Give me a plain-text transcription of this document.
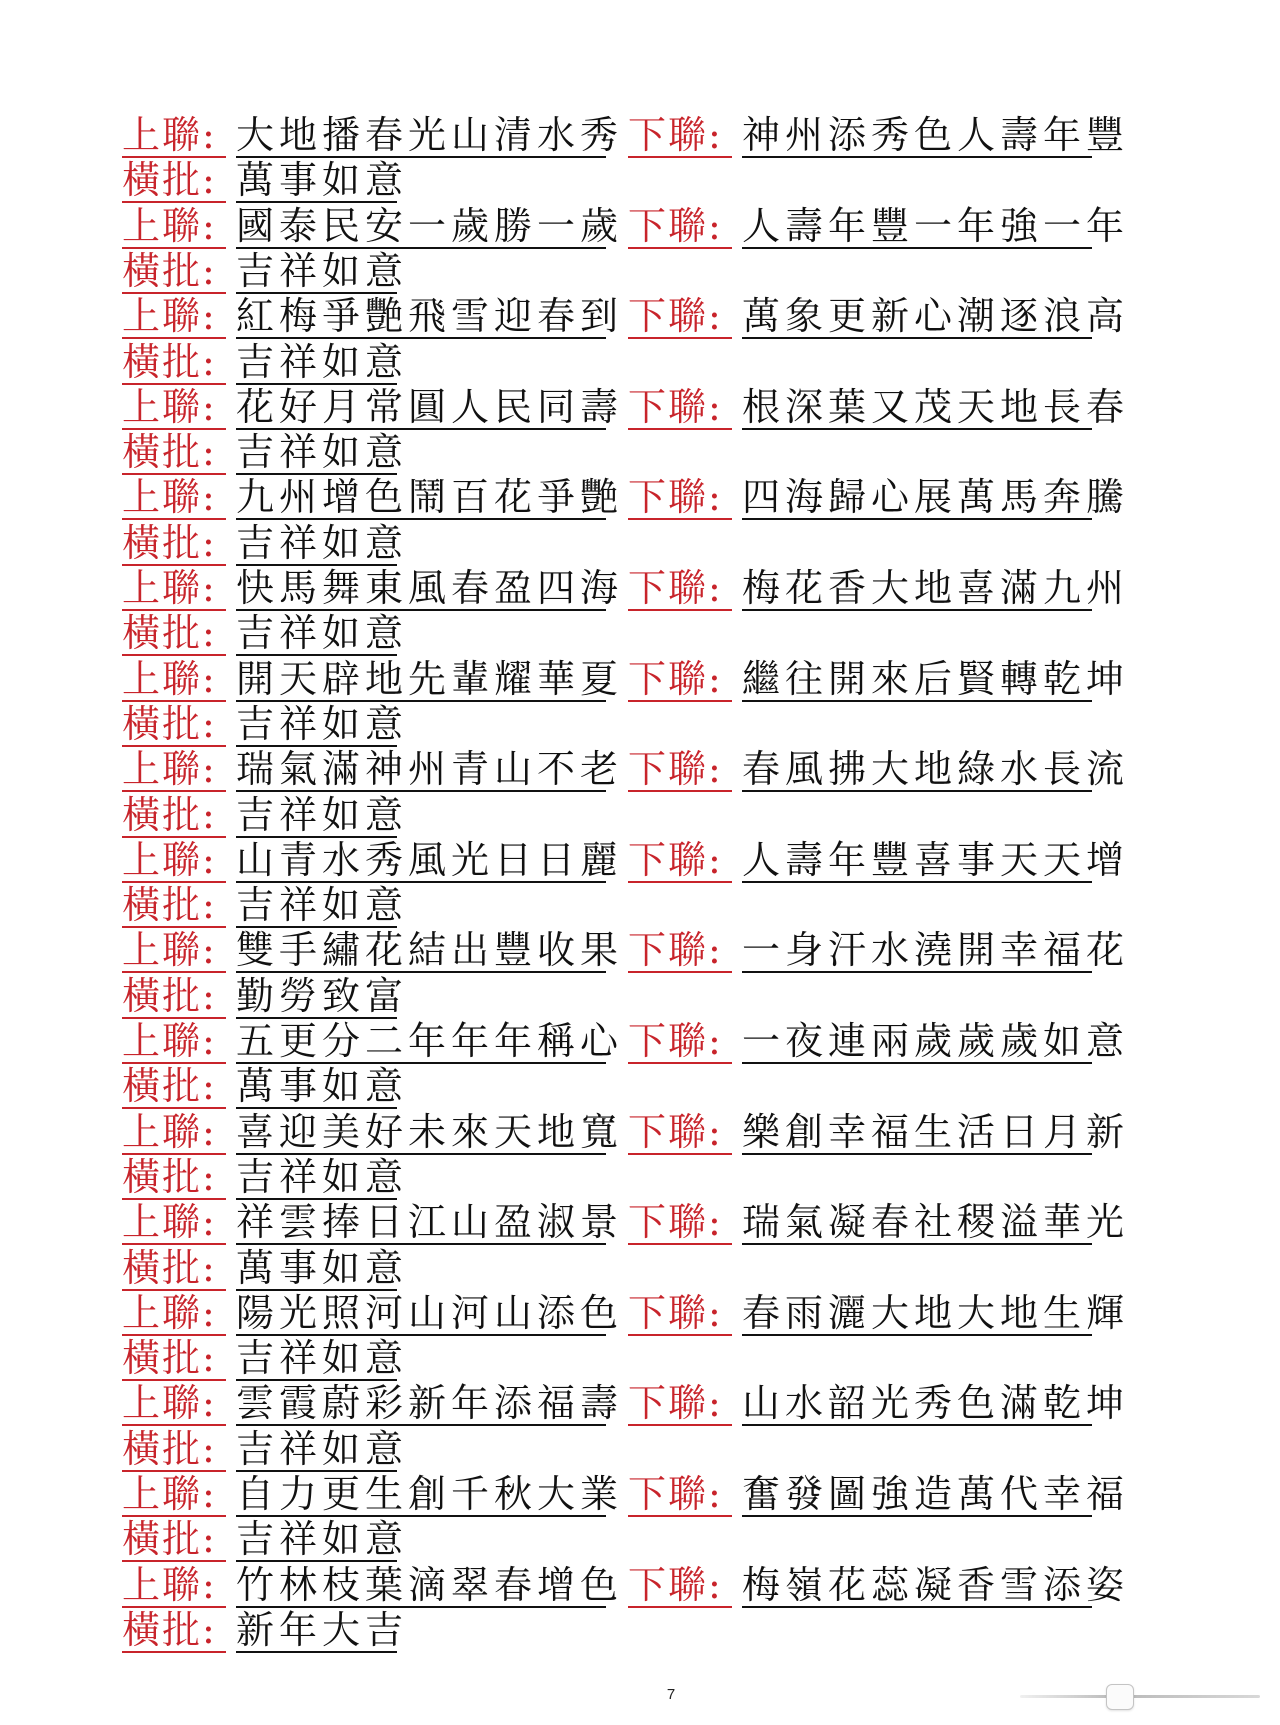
上聯: 大地播春光山清水秀 下聯: 神州添秀色人壽年豐
橫批: 萬事如意
上聯: 國泰民安一歲勝一歲 下聯: 人壽年豐一年強一年
橫批: 吉祥如意
上聯: 紅梅爭艷飛雪迎春到 下聯: 萬象更新心潮逐浪高
橫批: 吉祥如意
上聯: 花好月常圓人民同壽 下聯: 根深葉又茂天地長春
橫批: 吉祥如意
上聯: 九州增色鬧百花爭艷 下聯: 四海歸心展萬馬奔騰
橫批: 吉祥如意
上聯: 快馬舞東風春盈四海 下聯: 梅花香大地喜滿九州
橫批: 吉祥如意
上聯: 開天辟地先輩耀華夏 下聯: 繼往開來后賢轉乾坤
橫批: 吉祥如意
上聯: 瑞氣滿神州青山不老 下聯: 春風拂大地綠水長流
橫批: 吉祥如意
上聯: 山青水秀風光日日麗 下聯: 人壽年豐喜事天天增
橫批: 吉祥如意
上聯: 雙手繡花結出豐收果 下聯: 一身汗水澆開幸福花
橫批: 勤勞致富
上聯: 五更分二年年年稱心 下聯: 一夜連兩歲歲歲如意
橫批: 萬事如意
上聯: 喜迎美好未來天地寬 下聯: 樂創幸福生活日月新
橫批: 吉祥如意
上聯: 祥雲捧日江山盈淑景 下聯: 瑞氣凝春社稷溢華光
橫批: 萬事如意
上聯: 陽光照河山河山添色 下聯: 春雨灑大地大地生輝
橫批: 吉祥如意
上聯: 雲霞蔚彩新年添福壽 下聯: 山水韶光秀色滿乾坤
橫批: 吉祥如意
上聯: 自力更生創千秋大業 下聯: 奮發圖強造萬代幸福
橫批: 吉祥如意
上聯: 竹林枝葉滴翠春增色 下聯: 梅嶺花蕊凝香雪添姿
橫批: 新年大吉
7
